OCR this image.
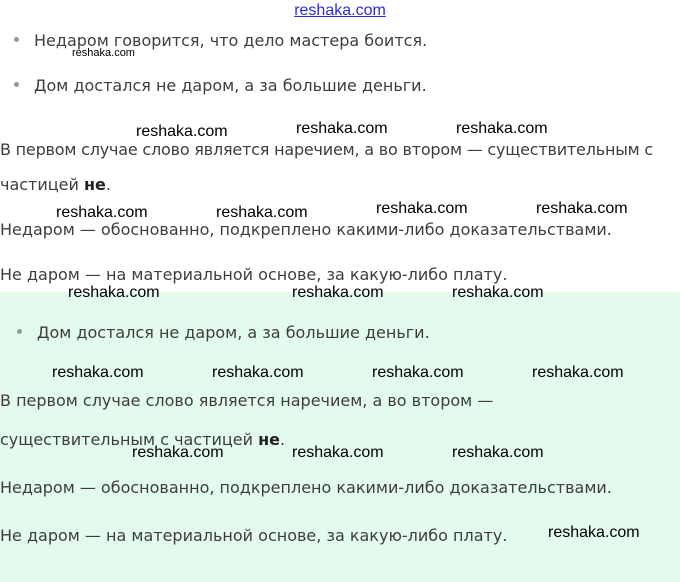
reshaka.com
Недаром говорится, что дело мастера боится.
Дом достался не даром, а за большие деньги.
В первом случае слово является наречием, а во втором — существительным с
частицей не.
Недаром — обоснованно, подкреплено какими-либо доказательствами.
Не даром — на материальной основе, за какую-либо плату.
Дом достался не даром, а за большие деньги.
В первом случае слово является наречием, а во втором —
существительным с частицей не.
Недаром — обоснованно, подкреплено какими-либо доказательствами.
Не даром — на материальной основе, за какую-либо плату.
reshaka.com
reshaka.com	reshaka.com	reshaka.com
reshaka.com	reshaka.com	reshaka.com	reshaka.com
reshaka.com	reshaka.com	reshaka.com
reshaka.com	reshaka.com	reshaka.com	reshaka.com
reshaka.com	reshaka.com	reshaka.com
reshaka.com
